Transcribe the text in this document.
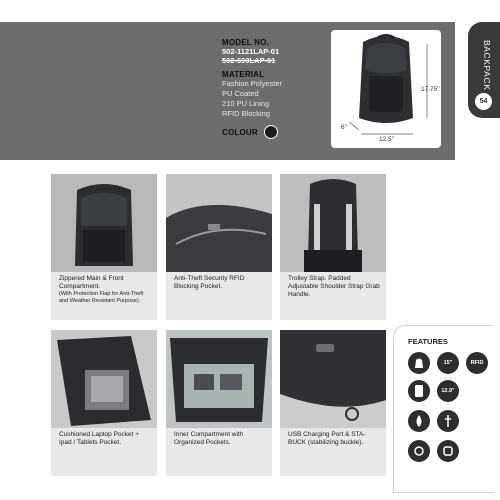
MODEL NO.
502-1121LAP-01
502-690LAP-01
MATERIAL
Fashion Polyester
PU Coated
210 PU Lining
RFID Blocking
COLOUR
17.75"
12.5"
6"
BACKPACK
54
Zippered Main & Front Compartment.
(With Protection Flap for Anti-Theft and Weather Resistant Purpose).
Anti-Theft Security RFID Blocking Pocket.
Trolley Strap. Padded Adjustable Shoulder Strap Grab Handle.
Cushioned Laptop Pocket + Ipad / Tablets Pocket.
Inner Compartment with Organized Pockets.
USB Charging Port & STA-BUCK (stabilizing buckle).
FEATURES
15"	RFID
12.9"
